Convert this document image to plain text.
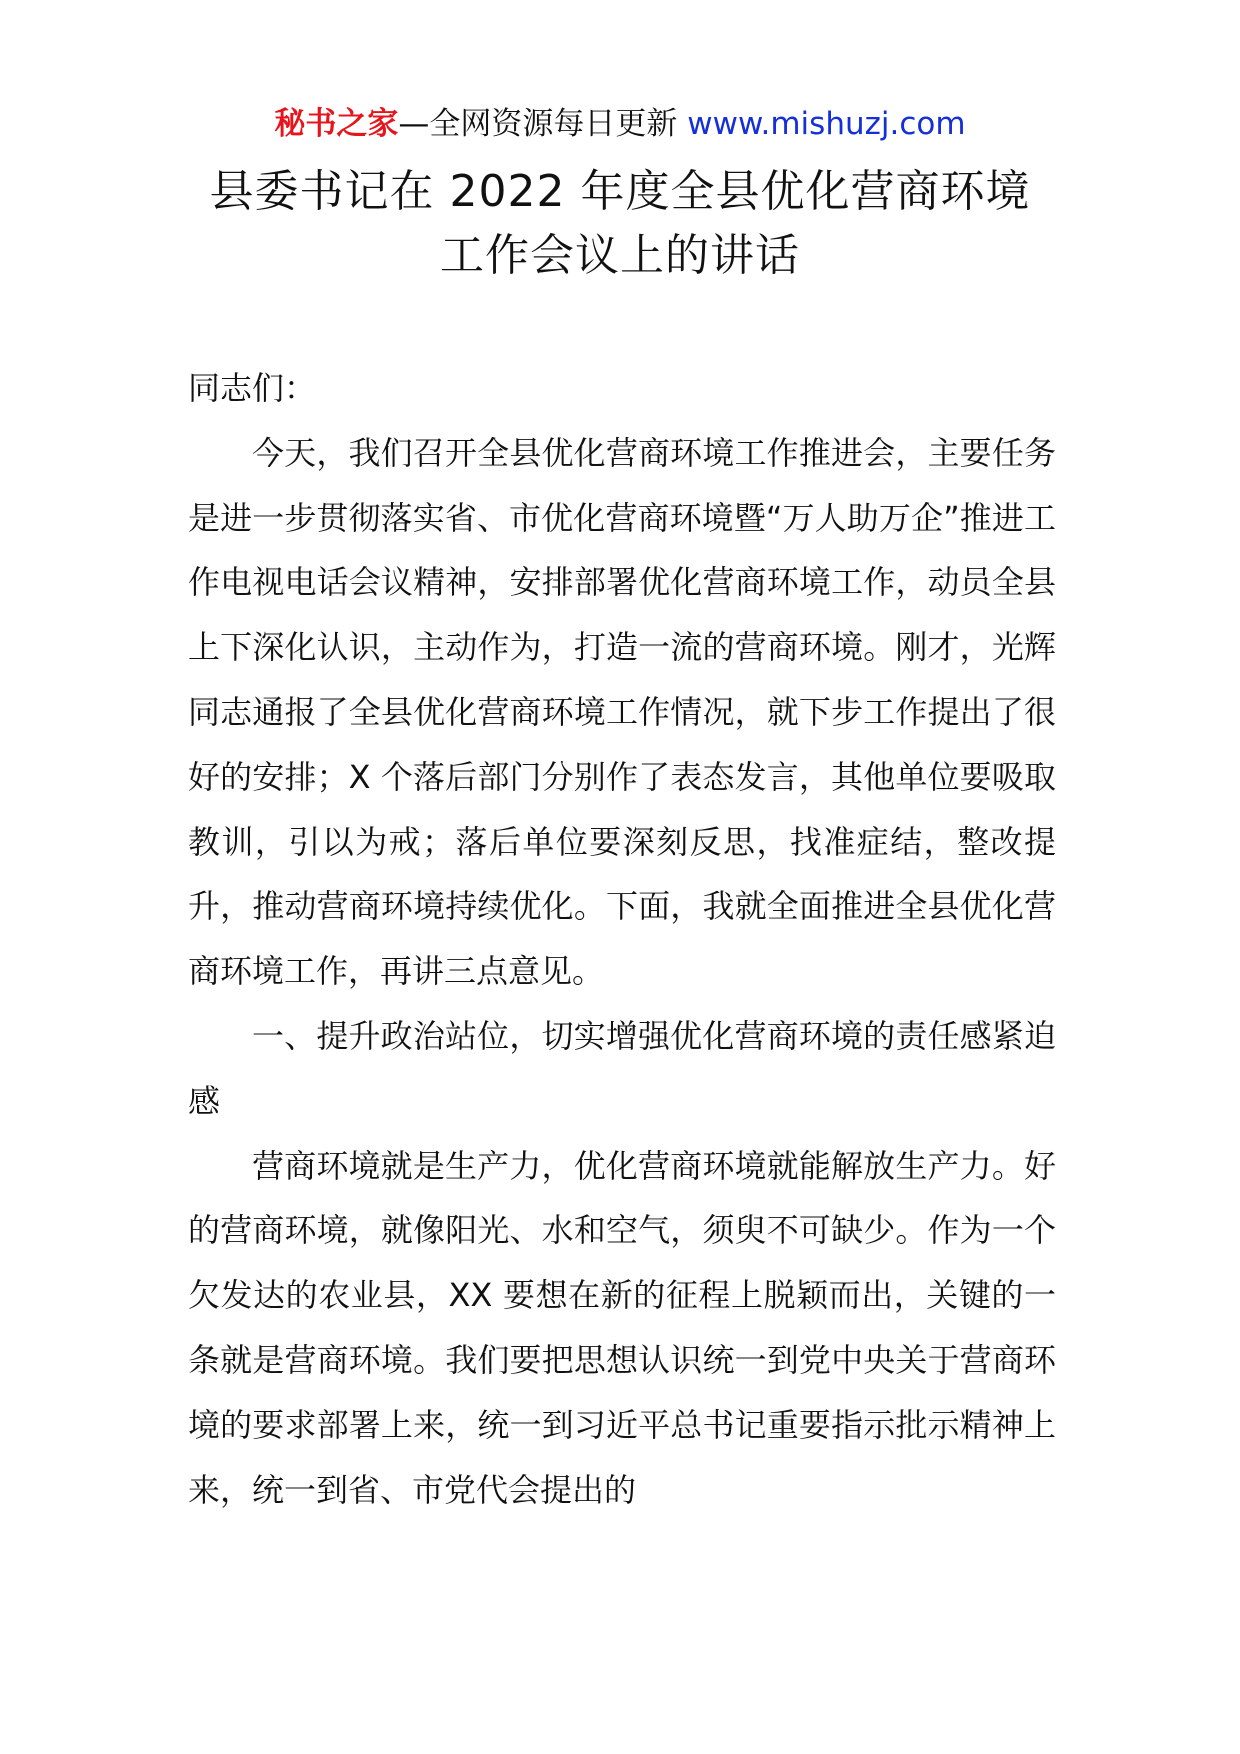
秘书之家—全网资源每日更新 www.mishuzj.com
县委书记在 2022 年度全县优化营商环境
工作会议上的讲话

同志们：

今天，我们召开全县优化营商环境工作推进会，主要任务是进一步贯彻落实省、市优化营商环境暨“万人助万企”推进工作电视电话会议精神，安排部署优化营商环境工作，动员全县上下深化认识，主动作为，打造一流的营商环境。刚才，光辉同志通报了全县优化营商环境工作情况，就下步工作提出了很好的安排；X 个落后部门分别作了表态发言，其他单位要吸取教训，引以为戒；落后单位要深刻反思，找准症结，整改提升，推动营商环境持续优化。下面，我就全面推进全县优化营商环境工作，再讲三点意见。

一、提升政治站位，切实增强优化营商环境的责任感紧迫感

营商环境就是生产力，优化营商环境就能解放生产力。好的营商环境，就像阳光、水和空气，须臾不可缺少。作为一个欠发达的农业县，XX 要想在新的征程上脱颖而出，关键的一条就是营商环境。我们要把思想认识统一到党中央关于营商环境的要求部署上来，统一到习近平总书记重要指示批示精神上来，统一到省、市党代会提出的
